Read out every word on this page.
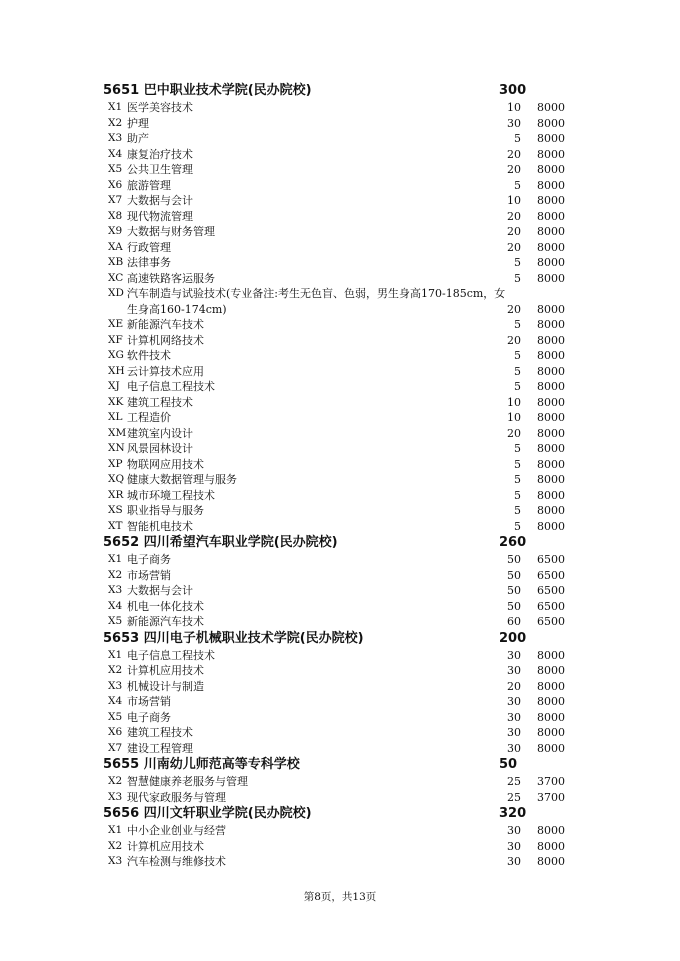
5651 巴中职业技术学院(民办院校)	300
X1 医学美容技术	10 8000
X2 护理	30 8000
X3 助产	5 8000
X4 康复治疗技术	20 8000
X5 公共卫生管理	20 8000
X6 旅游管理	5 8000
X7 大数据与会计	10 8000
X8 现代物流管理	20 8000
X9 大数据与财务管理	20 8000
XA 行政管理	20 8000
XB 法律事务	5 8000
XC 高速铁路客运服务	5 8000
XD 汽车制造与试验技术(专业备注:考生无色盲、色弱，男生身高170-185cm，女生身高160-174cm)	20 8000
XE 新能源汽车技术	5 8000
XF 计算机网络技术	20 8000
XG 软件技术	5 8000
XH 云计算技术应用	5 8000
XJ 电子信息工程技术	5 8000
XK 建筑工程技术	10 8000
XL 工程造价	10 8000
XM 建筑室内设计	20 8000
XN 风景园林设计	5 8000
XP 物联网应用技术	5 8000
XQ 健康大数据管理与服务	5 8000
XR 城市环境工程技术	5 8000
XS 职业指导与服务	5 8000
XT 智能机电技术	5 8000
5652 四川希望汽车职业学院(民办院校)	260
X1 电子商务	50 6500
X2 市场营销	50 6500
X3 大数据与会计	50 6500
X4 机电一体化技术	50 6500
X5 新能源汽车技术	60 6500
5653 四川电子机械职业技术学院(民办院校)	200
X1 电子信息工程技术	30 8000
X2 计算机应用技术	30 8000
X3 机械设计与制造	20 8000
X4 市场营销	30 8000
X5 电子商务	30 8000
X6 建筑工程技术	30 8000
X7 建设工程管理	30 8000
5655 川南幼儿师范高等专科学校	50
X2 智慧健康养老服务与管理	25 3700
X3 现代家政服务与管理	25 3700
5656 四川文轩职业学院(民办院校)	320
X1 中小企业创业与经营	30 8000
X2 计算机应用技术	30 8000
X3 汽车检测与维修技术	30 8000
第8页，共13页
